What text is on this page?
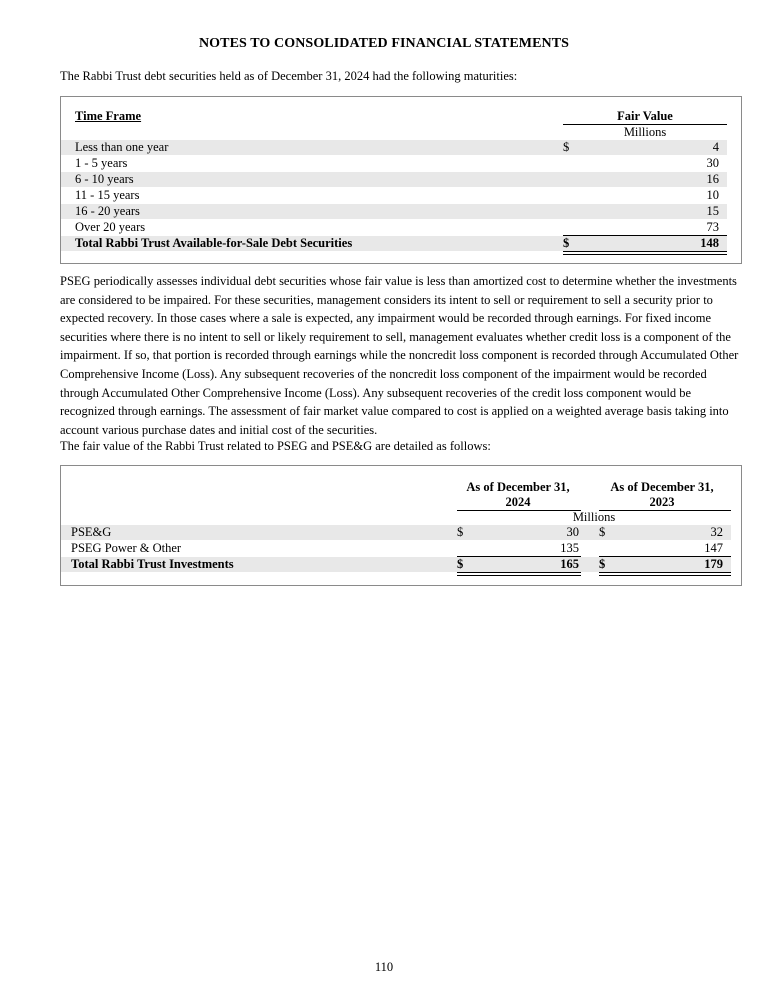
NOTES TO CONSOLIDATED FINANCIAL STATEMENTS
The Rabbi Trust debt securities held as of December 31, 2024 had the following maturities:
Time Frame	Fair Value
Millions
Less than one year	$	4
1 - 5 years	30
6 - 10 years	16
11 - 15 years	10
16 - 20 years	15
Over 20 years	73
Total Rabbi Trust Available-for-Sale Debt Securities	$	148
PSEG periodically assesses individual debt securities whose fair value is less than amortized cost to determine whether the investments are considered to be impaired. For these securities, management considers its intent to sell or requirement to sell a security prior to expected recovery. In those cases where a sale is expected, any impairment would be recorded through earnings. For fixed income securities where there is no intent to sell or likely requirement to sell, management evaluates whether credit loss is a component of the impairment. If so, that portion is recorded through earnings while the noncredit loss component is recorded through Accumulated Other Comprehensive Income (Loss). Any subsequent recoveries of the noncredit loss component of the impairment would be recorded through Accumulated Other Comprehensive Income (Loss). Any subsequent recoveries of the credit loss component would be recognized through earnings. The assessment of fair market value compared to cost is applied on a weighted average basis taking into account various purchase dates and initial cost of the securities.
The fair value of the Rabbi Trust related to PSEG and PSE&G are detailed as follows:
As of December 31,
2024
As of December 31,
2023
Millions
PSE&G	$	30 $	32
PSEG Power & Other	135	147
Total Rabbi Trust Investments	$	165 $	179
110
